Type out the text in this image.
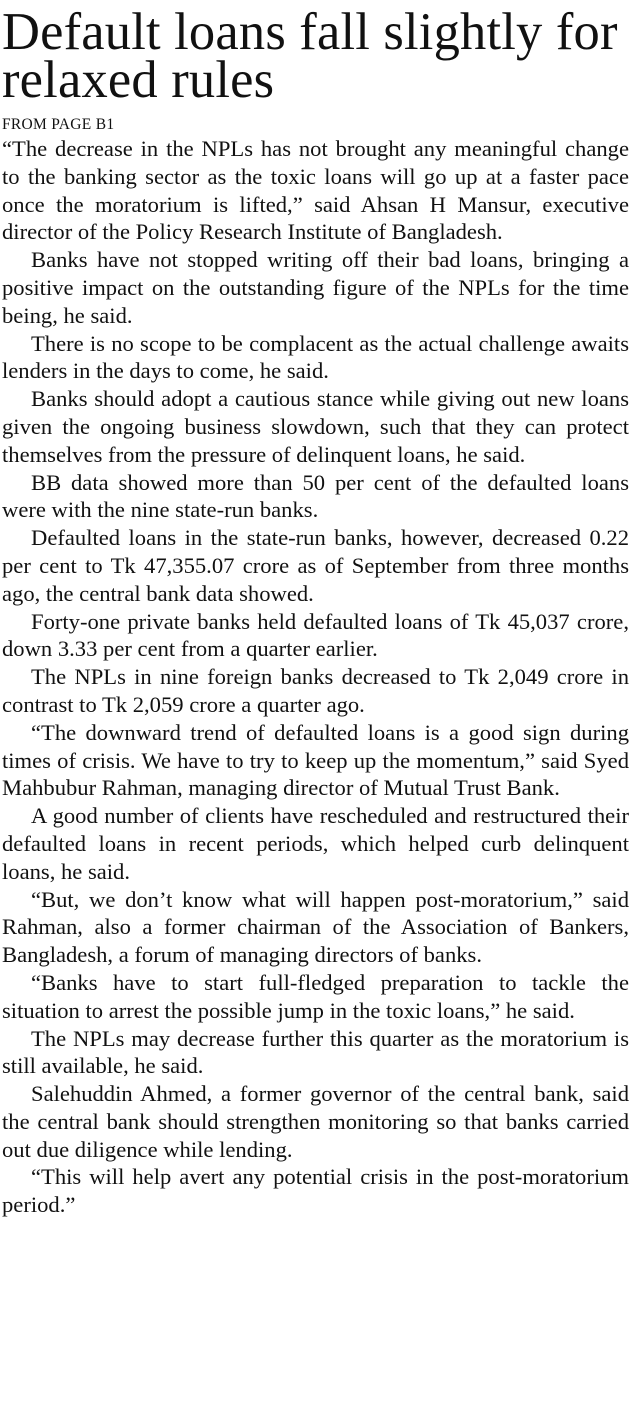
Default loans fall slightly for relaxed rules
FROM PAGE B1

“The decrease in the NPLs has not brought any meaningful change to the banking sector as the toxic loans will go up at a faster pace once the moratorium is lifted,” said Ahsan H Mansur, executive director of the Policy Research Institute of Bangladesh.

Banks have not stopped writing off their bad loans, bringing a positive impact on the outstanding figure of the NPLs for the time being, he said.

There is no scope to be complacent as the actual challenge awaits lenders in the days to come, he said.

Banks should adopt a cautious stance while giving out new loans given the ongoing business slowdown, such that they can protect themselves from the pressure of delinquent loans, he said.

BB data showed more than 50 per cent of the defaulted loans were with the nine state-run banks.

Defaulted loans in the state-run banks, however, decreased 0.22 per cent to Tk 47,355.07 crore as of September from three months ago, the central bank data showed.

Forty-one private banks held defaulted loans of Tk 45,037 crore, down 3.33 per cent from a quarter earlier.

The NPLs in nine foreign banks decreased to Tk 2,049 crore in contrast to Tk 2,059 crore a quarter ago.

“The downward trend of defaulted loans is a good sign during times of crisis. We have to try to keep up the momentum,” said Syed Mahbubur Rahman, managing director of Mutual Trust Bank.

A good number of clients have rescheduled and restructured their defaulted loans in recent periods, which helped curb delinquent loans, he said.

“But, we don’t know what will happen post-moratorium,” said Rahman, also a former chairman of the Association of Bankers, Bangladesh, a forum of managing directors of banks.

“Banks have to start full-fledged preparation to tackle the situation to arrest the possible jump in the toxic loans,” he said.

The NPLs may decrease further this quarter as the moratorium is still available, he said.

Salehuddin Ahmed, a former governor of the central bank, said the central bank should strengthen monitoring so that banks carried out due diligence while lending.

“This will help avert any potential crisis in the post-moratorium period.”
